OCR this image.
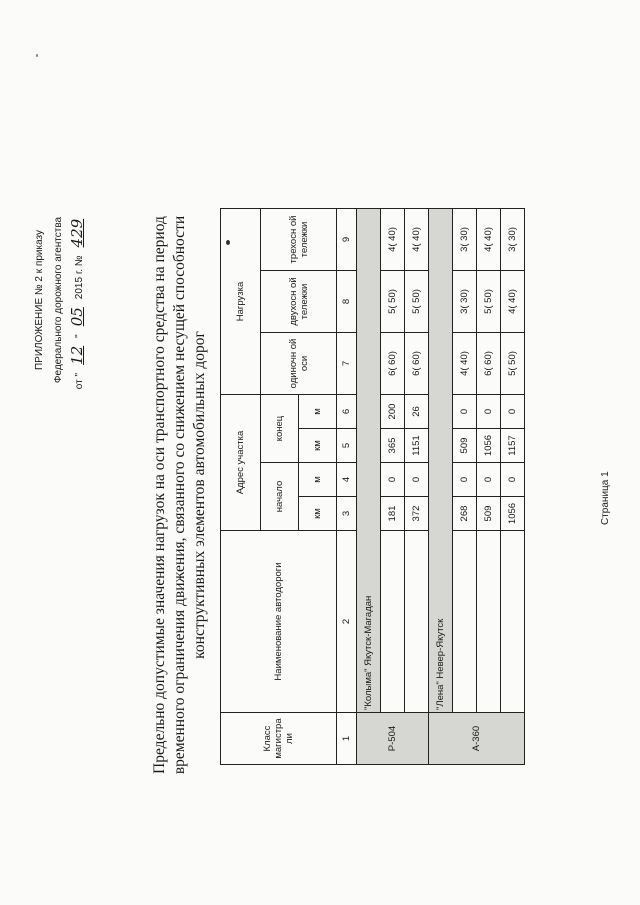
ПРИЛОЖЕНИЕ № 2 к приказу Федерального дорожного агентства	от "12"052015 г. №429	Предельно допустимые значения нагрузок на оси транспортного средства на период временного ограничения движения, связанного со снижением несущей способности конструктивных элементов автомобильных дорог
Класс магистра ли	Наименование автодороги	Адрес участка				Нагрузка		
		начало		конец		одиночн ой оси	двухосн ой тележки	трехосн ой тележки
		км	м	км	м			
1	2	3	4	5	6	7	8	9
Р-504	"Колыма" Якутск-Магадан							
		181	0	365	200	6( 60)	5( 50)	4( 40)
		372	0	1151	26	6( 60)	5( 50)	4( 40)
А-360	"Лена" Невер-Якутск							
		268	0	509	0	4( 40)	3( 30)	3( 30)
		509	0	1056	0	6( 60)	5( 50)	4( 40)
		1056	0	1157	0	5( 50)	4( 40)	3( 30)
Страница 1
